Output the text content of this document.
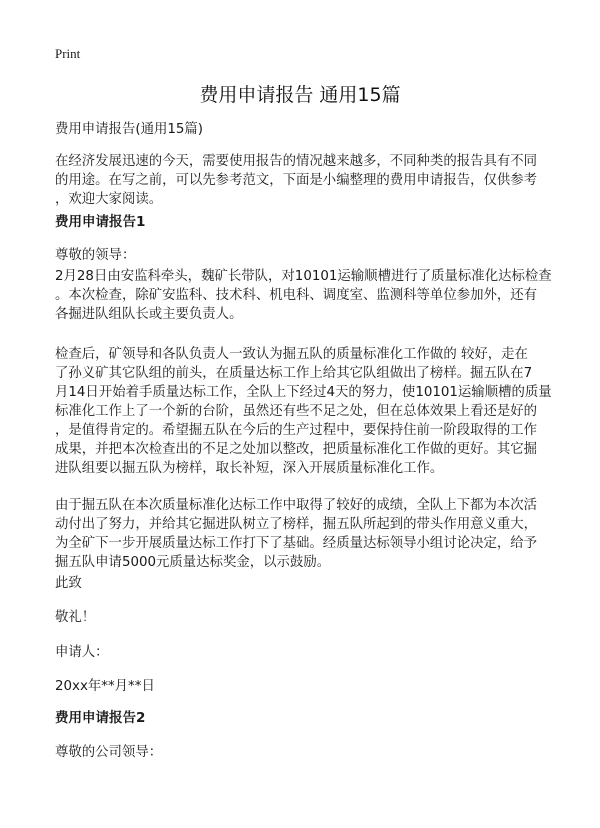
Print
费用申请报告 通用15篇
费用申请报告(通用15篇)
在经济发展迅速的今天，需要使用报告的情况越来越多，不同种类的报告具有不同
的用途。在写之前，可以先参考范文，下面是小编整理的费用申请报告，仅供参考
，欢迎大家阅读。
费用申请报告1
尊敬的领导：
2月28日由安监科牵头，魏矿长带队，对10101运输顺槽进行了质量标准化达标检查
。本次检查，除矿安监科、技术科、机电科、调度室、监测科等单位参加外，还有
各掘进队组队长或主要负责人。
检查后，矿领导和各队负责人一致认为掘五队的质量标准化工作做的 较好，走在
了孙义矿其它队组的前头，在质量达标工作上给其它队组做出了榜样。掘五队在7
月14日开始着手质量达标工作，全队上下经过4天的努力，使10101运输顺槽的质量
标准化工作上了一个新的台阶，虽然还有些不足之处，但在总体效果上看还是好的
，是值得肯定的。希望掘五队在今后的生产过程中，要保持住前一阶段取得的工作
成果，并把本次检查出的不足之处加以整改，把质量标准化工作做的更好。其它掘
进队组要以掘五队为榜样，取长补短，深入开展质量标准化工作。
由于掘五队在本次质量标准化达标工作中取得了较好的成绩，全队上下都为本次活
动付出了努力，并给其它掘进队树立了榜样，掘五队所起到的带头作用意义重大，
为全矿下一步开展质量达标工作打下了基础。经质量达标领导小组讨论决定，给予
掘五队申请5000元质量达标奖金，以示鼓励。
此致
敬礼！
申请人：
20xx年**月**日
费用申请报告2
尊敬的公司领导：
